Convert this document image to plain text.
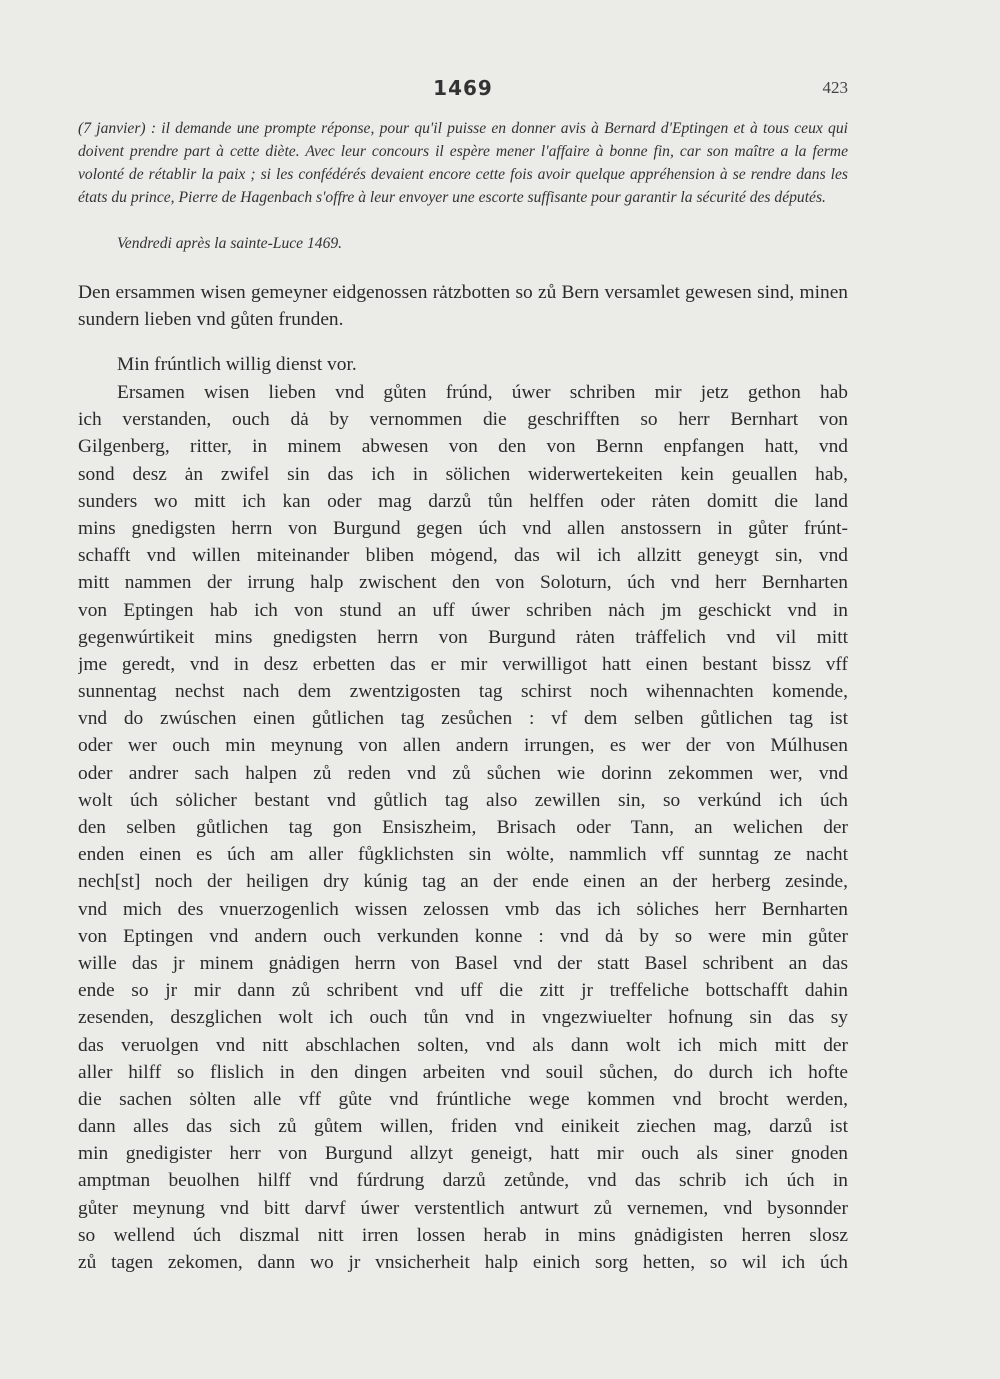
1469	423
(7 janvier) : il demande une prompte réponse, pour qu'il puisse en donner avis à Bernard d'Eptingen et à tous ceux qui doivent prendre part à cette diète. Avec leur concours il espère mener l'affaire à bonne fin, car son maître a la ferme volonté de rétablir la paix ; si les confédérés devaient encore cette fois avoir quelque appréhension à se rendre dans les états du prince, Pierre de Hagenbach s'offre à leur envoyer une escorte suffisante pour garantir la sécurité des députés.
Vendredi après la sainte-Luce 1469.
Den ersammen wisen gemeyner eidgenossen rȧtzbotten so zů Bern versamlet gewesen sind, minen sundern lieben vnd gůten frunden.
Min frúntlich willig dienst vor.
Ersamen wisen lieben vnd gůten frúnd, úwer schriben mir jetz gethon hab
ich verstanden, ouch dȧ by vernommen die geschrifften so herr Bernhart von
Gilgenberg, ritter, in minem abwesen von den von Bernn enpfangen hatt, vnd
sond desz ȧn zwifel sin das ich in sölichen widerwertekeiten kein geuallen hab,
sunders wo mitt ich kan oder mag darzů tůn helffen oder rȧten domitt die land
mins gnedigsten herrn von Burgund gegen úch vnd allen anstossern in gůter frúnt-
schafft vnd willen miteinander bliben mȯgend, das wil ich allzitt geneygt sin, vnd
mitt nammen der irrung halp zwischent den von Soloturn, úch vnd herr Bernharten
von Eptingen hab ich von stund an uff úwer schriben nȧch jm geschickt vnd in
gegenwúrtikeit mins gnedigsten herrn von Burgund rȧten trȧffelich vnd vil mitt
jme geredt, vnd in desz erbetten das er mir verwilligot hatt einen bestant bissz vff
sunnentag nechst nach dem zwentzigosten tag schirst noch wihennachten komende,
vnd do zwúschen einen gůtlichen tag zesůchen : vf dem selben gůtlichen tag ist
oder wer ouch min meynung von allen andern irrungen, es wer der von Múlhusen
oder andrer sach halpen zů reden vnd zů sůchen wie dorinn zekommen wer, vnd
wolt úch sȯlicher bestant vnd gůtlich tag also zewillen sin, so verkúnd ich úch
den selben gůtlichen tag gon Ensiszheim, Brisach oder Tann, an welichen der
enden einen es úch am aller fůgklichsten sin wȯlte, nammlich vff sunntag ze nacht
nech[st] noch der heiligen dry kúnig tag an der ende einen an der herberg zesinde,
vnd mich des vnuerzogenlich wissen zelossen vmb das ich sȯliches herr Bernharten
von Eptingen vnd andern ouch verkunden konne : vnd dȧ by so were min gůter
wille das jr minem gnȧdigen herrn von Basel vnd der statt Basel schribent an das
ende so jr mir dann zů schribent vnd uff die zitt jr treffeliche bottschafft dahin
zesenden, deszglichen wolt ich ouch tůn vnd in vngezwiuelter hofnung sin das sy
das veruolgen vnd nitt abschlachen solten, vnd als dann wolt ich mich mitt der
aller hilff so flislich in den dingen arbeiten vnd souil sůchen, do durch ich hofte
die sachen sȯlten alle vff gůte vnd frúntliche wege kommen vnd brocht werden,
dann alles das sich zů gůtem willen, friden vnd einikeit ziechen mag, darzů ist
min gnedigister herr von Burgund allzyt geneigt, hatt mir ouch als siner gnoden
amptman beuolhen hilff vnd fúrdrung darzů zetůnde, vnd das schrib ich úch in
gůter meynung vnd bitt darvf úwer verstentlich antwurt zů vernemen, vnd bysonnder
so wellend úch diszmal nitt irren lossen herab in mins gnȧdigisten herren slosz
zů tagen zekomen, dann wo jr vnsicherheit halp einich sorg hetten, so wil ich úch
